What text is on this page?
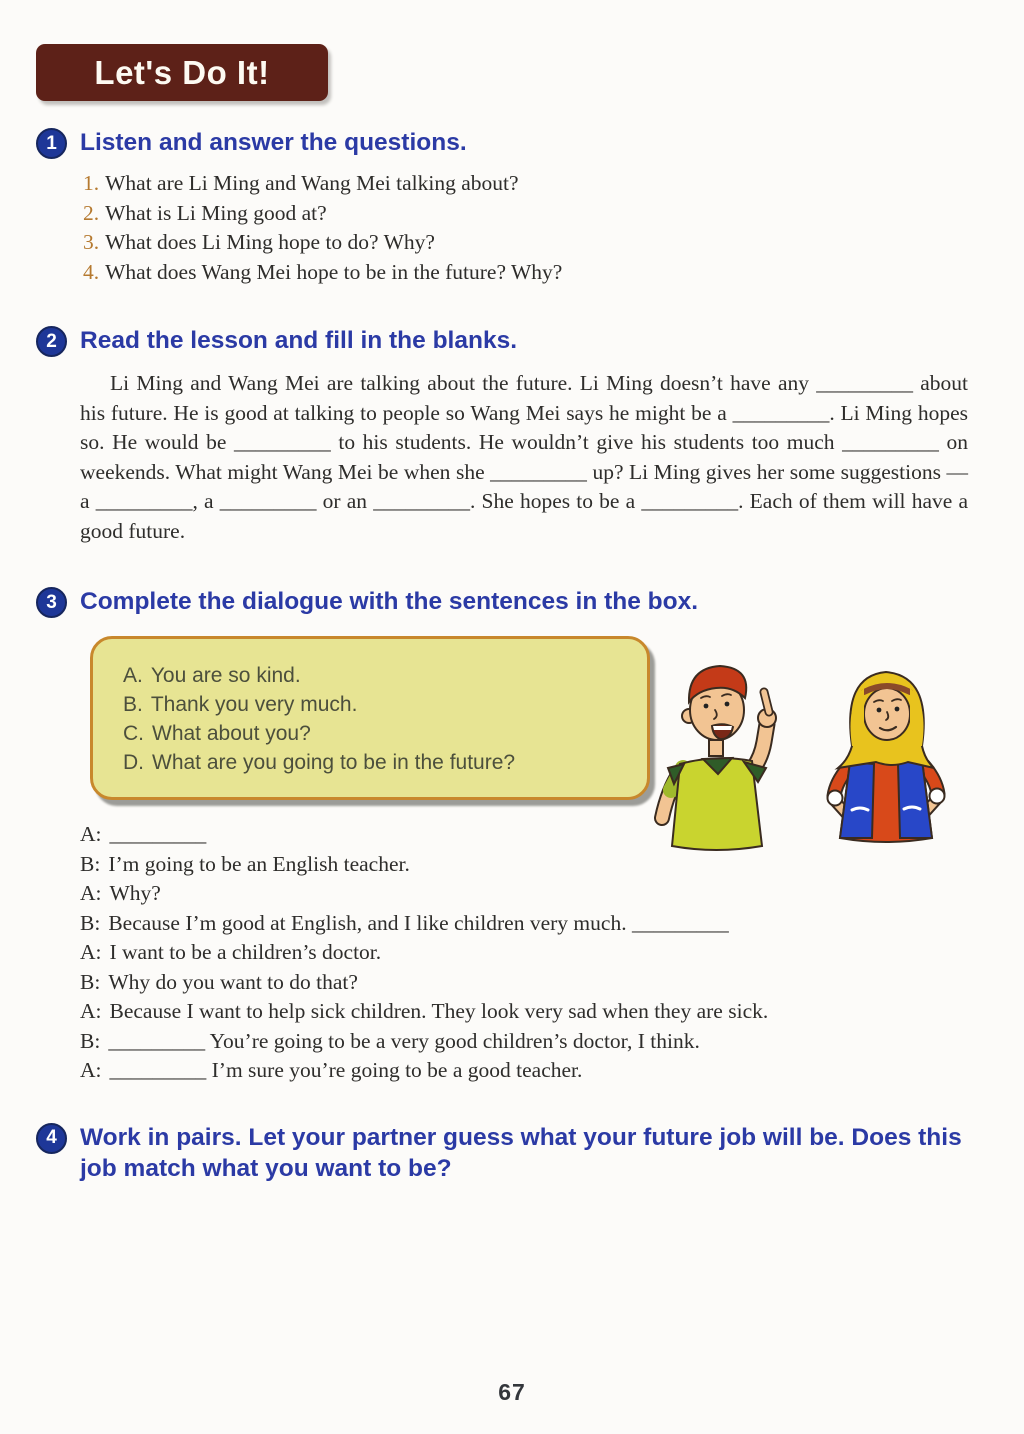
Let's Do It!
1 Listen and answer the questions.
1. What are Li Ming and Wang Mei talking about?
2. What is Li Ming good at?
3. What does Li Ming hope to do? Why?
4. What does Wang Mei hope to be in the future? Why?
2 Read the lesson and fill in the blanks.
Li Ming and Wang Mei are talking about the future. Li Ming doesn’t have any _________ about his future. He is good at talking to people so Wang Mei says he might be a _________. Li Ming hopes so. He would be _________ to his students. He wouldn’t give his students too much _________ on weekends. What might Wang Mei be when she _________ up? Li Ming gives her some suggestions — a _________, a _________ or an _________. She hopes to be a _________. Each of them will have a good future.
3 Complete the dialogue with the sentences in the box.
A. You are so kind.
B. Thank you very much.
C. What about you?
D. What are you going to be in the future?
A: _________
B: I’m going to be an English teacher.
A: Why?
B: Because I’m good at English, and I like children very much. _________
A: I want to be a children’s doctor.
B: Why do you want to do that?
A: Because I want to help sick children. They look very sad when they are sick.
B: _________ You’re going to be a very good children’s doctor, I think.
A: _________ I’m sure you’re going to be a good teacher.
4 Work in pairs. Let your partner guess what your future job will be. Does this job match what you want to be?
67
